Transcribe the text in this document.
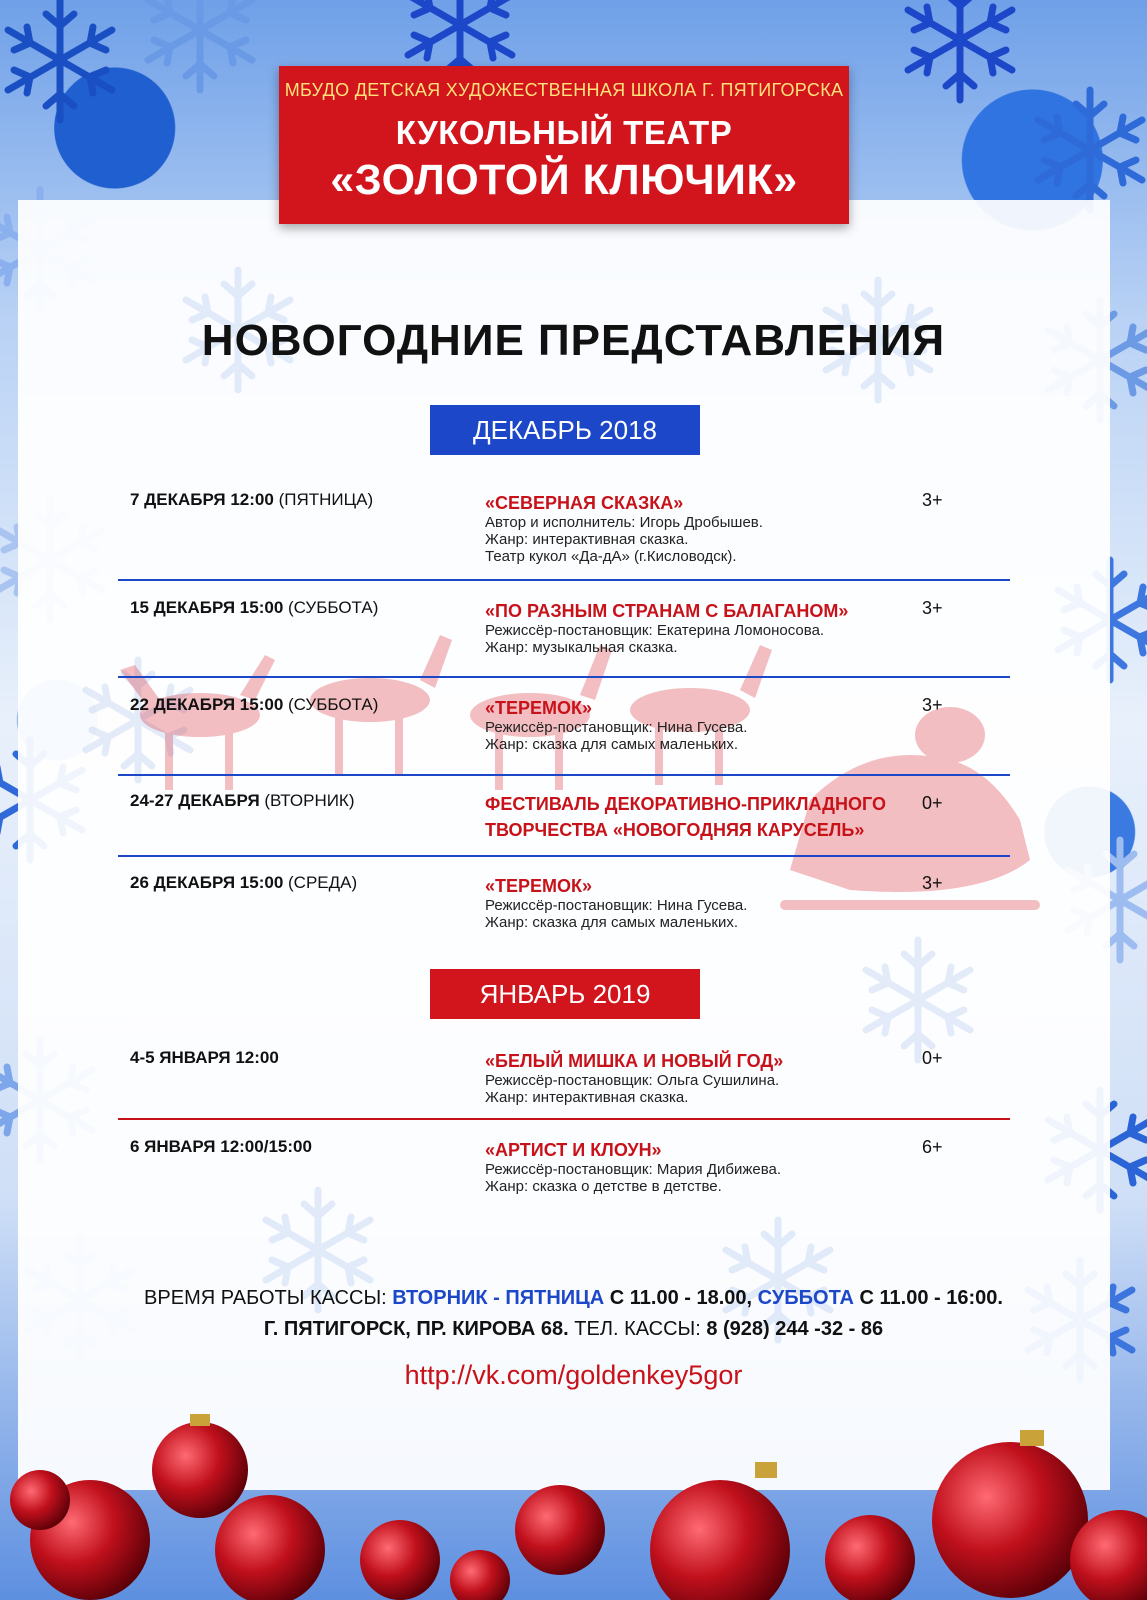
МБУДО ДЕТСКАЯ ХУДОЖЕСТВЕННАЯ ШКОЛА Г. ПЯТИГОРСКА
КУКОЛЬНЫЙ ТЕАТР
«ЗОЛОТОЙ КЛЮЧИК»
НОВОГОДНИЕ ПРЕДСТАВЛЕНИЯ
ДЕКАБРЬ 2018
7 ДЕКАБРЯ 12:00 (ПЯТНИЦА)	«СЕВЕРНАЯ СКАЗКА»
Автор и исполнитель: Игорь Дробышев.
Жанр: интерактивная сказка.
Театр кукол «Да-дА» (г.Кисловодск).
3+
15 ДЕКАБРЯ 15:00 (СУББОТА)	«ПО РАЗНЫМ СТРАНАМ С БАЛАГАНОМ»
Режиссёр-постановщик: Екатерина Ломоносова.
Жанр: музыкальная сказка.
3+
22 ДЕКАБРЯ 15:00 (СУББОТА)	«ТЕРЕМОК»
Режиссёр-постановщик: Нина Гусева.
Жанр: сказка для самых маленьких.
3+
24-27 ДЕКАБРЯ (ВТОРНИК)	ФЕСТИВАЛЬ ДЕКОРАТИВНО-ПРИКЛАДНОГО ТВОРЧЕСТВА «НОВОГОДНЯЯ КАРУСЕЛЬ»
0+
26 ДЕКАБРЯ 15:00 (СРЕДА)	«ТЕРЕМОК»
Режиссёр-постановщик: Нина Гусева.
Жанр: сказка для самых маленьких.
3+
ЯНВАРЬ 2019
4-5 ЯНВАРЯ 12:00	«БЕЛЫЙ МИШКА И НОВЫЙ ГОД»
Режиссёр-постановщик: Ольга Сушилина.
Жанр: интерактивная сказка.
0+
6 ЯНВАРЯ 12:00/15:00	«АРТИСТ И КЛОУН»
Режиссёр-постановщик: Мария Дибижева.
Жанр: сказка о детстве в детстве.
6+
ВРЕМЯ РАБОТЫ КАССЫ: ВТОРНИК - ПЯТНИЦА С 11.00 - 18.00, СУББОТА С 11.00 - 16:00.
Г. ПЯТИГОРСК, ПР. КИРОВА 68. ТЕЛ. КАССЫ: 8 (928) 244 -32 - 86
http://vk.com/goldenkey5gor
